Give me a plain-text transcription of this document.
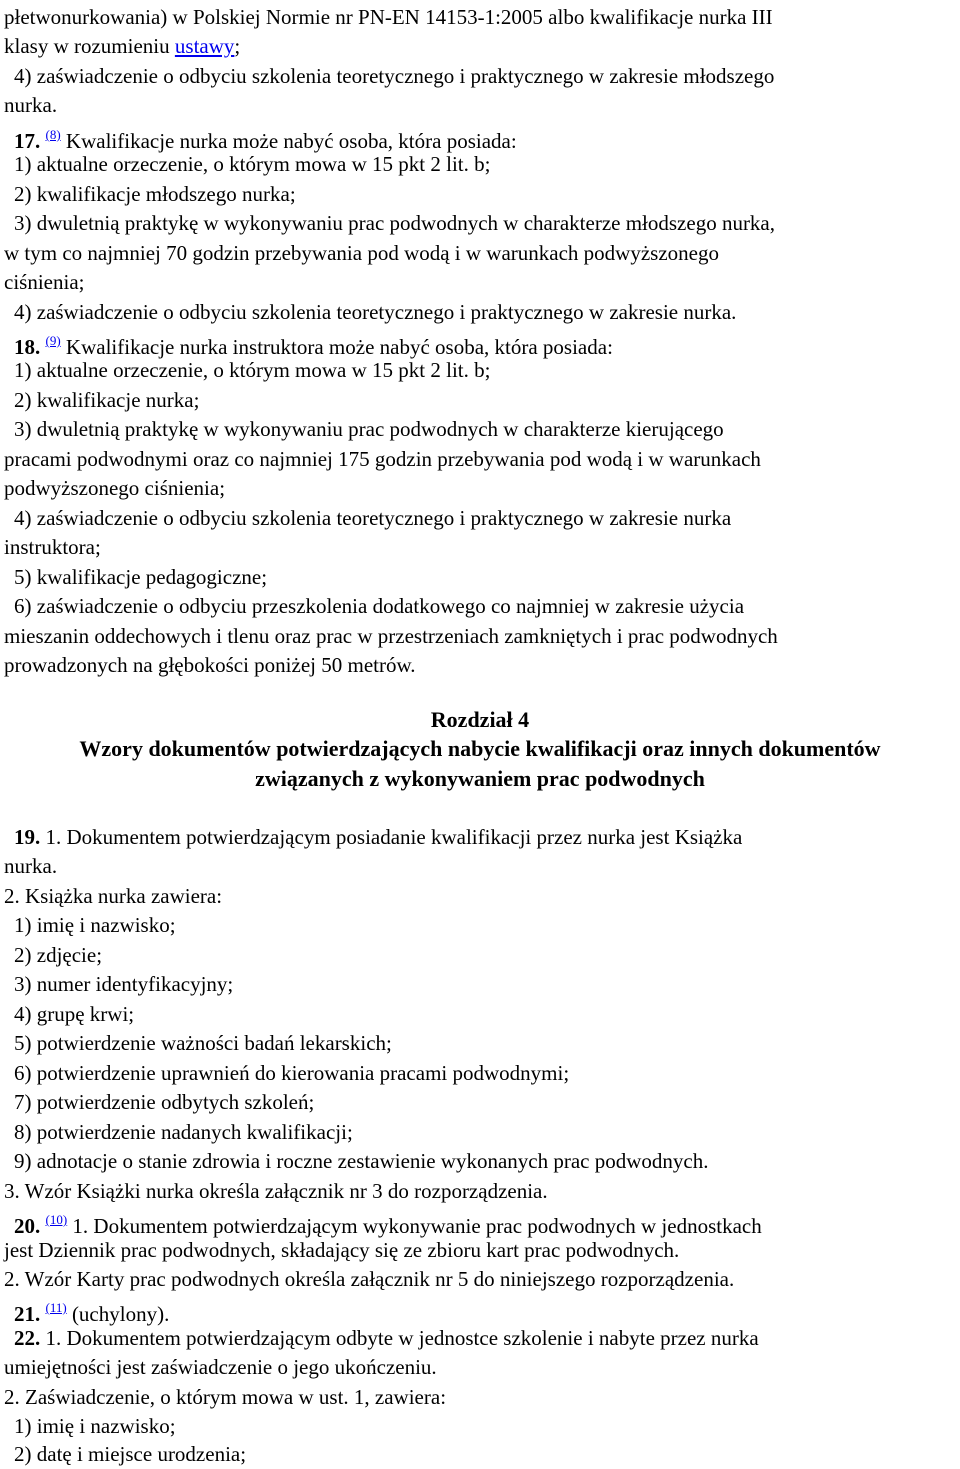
płetwonurkowania) w Polskiej Normie nr PN-EN 14153-1:2005 albo kwalifikacje nurka III
klasy w rozumieniu ustawy;
4) zaświadczenie o odbyciu szkolenia teoretycznego i praktycznego w zakresie młodszego
nurka.
17. $^{(8)}$ Kwalifikacje nurka może nabyć osoba, która posiada:
1) aktualne orzeczenie, o którym mowa w 15 pkt 2 lit. b;
2) kwalifikacje młodszego nurka;
3) dwuletnią praktykę w wykonywaniu prac podwodnych w charakterze młodszego nurka,
w tym co najmniej 70 godzin przebywania pod wodą i w warunkach podwyższonego
ciśnienia;
4) zaświadczenie o odbyciu szkolenia teoretycznego i praktycznego w zakresie nurka.
18. $^{(9)}$ Kwalifikacje nurka instruktora może nabyć osoba, która posiada:
1) aktualne orzeczenie, o którym mowa w 15 pkt 2 lit. b;
2) kwalifikacje nurka;
3) dwuletnią praktykę w wykonywaniu prac podwodnych w charakterze kierującego
pracami podwodnymi oraz co najmniej 175 godzin przebywania pod wodą i w warunkach
podwyższonego ciśnienia;
4) zaświadczenie o odbyciu szkolenia teoretycznego i praktycznego w zakresie nurka
instruktora;
5) kwalifikacje pedagogiczne;
6) zaświadczenie o odbyciu przeszkolenia dodatkowego co najmniej w zakresie użycia
mieszanin oddechowych i tlenu oraz prac w przestrzeniach zamkniętych i prac podwodnych
prowadzonych na głębokości poniżej 50 metrów.
Rozdział 4
Wzory dokumentów potwierdzających nabycie kwalifikacji oraz innych dokumentów
związanych z wykonywaniem prac podwodnych
19. 1. Dokumentem potwierdzającym posiadanie kwalifikacji przez nurka jest Książka
nurka.
2. Książka nurka zawiera:
1) imię i nazwisko;
2) zdjęcie;
3) numer identyfikacyjny;
4) grupę krwi;
5) potwierdzenie ważności badań lekarskich;
6) potwierdzenie uprawnień do kierowania pracami podwodnymi;
7) potwierdzenie odbytych szkoleń;
8) potwierdzenie nadanych kwalifikacji;
9) adnotacje o stanie zdrowia i roczne zestawienie wykonanych prac podwodnych.
3. Wzór Książki nurka określa załącznik nr 3 do rozporządzenia.
20. $^{(10)}$ 1. Dokumentem potwierdzającym wykonywanie prac podwodnych w jednostkach
jest Dziennik prac podwodnych, składający się ze zbioru kart prac podwodnych.
2. Wzór Karty prac podwodnych określa załącznik nr 5 do niniejszego rozporządzenia.
21. $^{(11)}$ (uchylony).
22. 1. Dokumentem potwierdzającym odbyte w jednostce szkolenie i nabyte przez nurka
umiejętności jest zaświadczenie o jego ukończeniu.
2. Zaświadczenie, o którym mowa w ust. 1, zawiera:
1) imię i nazwisko;
2) datę i miejsce urodzenia;
